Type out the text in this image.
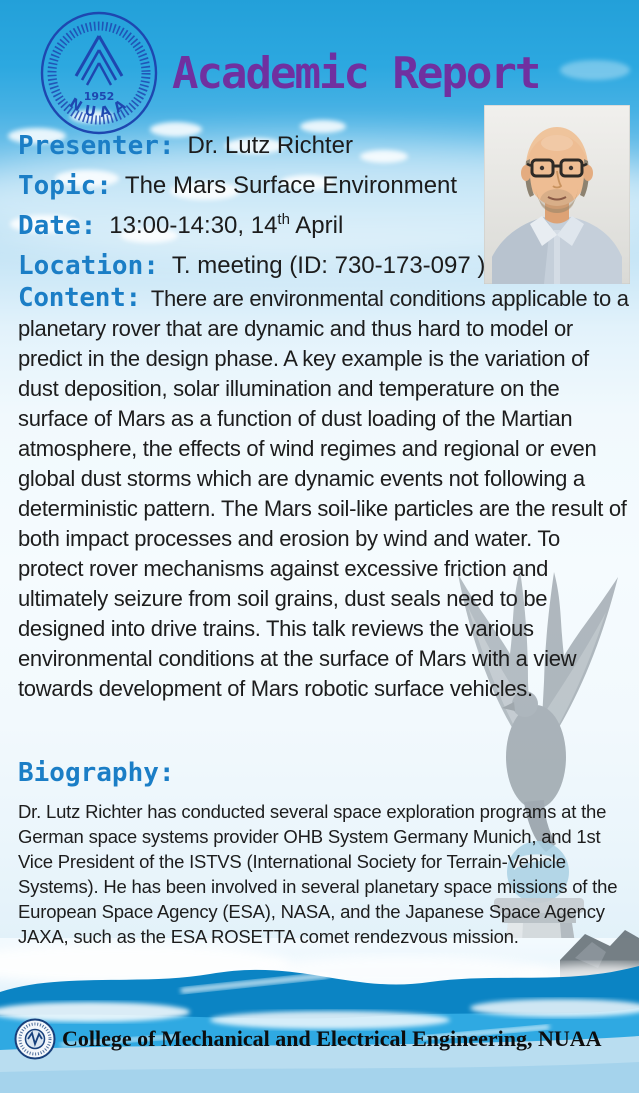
1952
NUAA
Academic Report
Presenter: Dr. Lutz Richter
Topic: The Mars Surface Environment
Date: 13:00-14:30, 14th April
Location: T. meeting (ID: 730-173-097 )

Content: There are environmental conditions applicable to a planetary rover that are dynamic and thus hard to model or predict in the design phase. A key example is the variation of dust deposition, solar illumination and temperature on the surface of Mars as a function of dust loading of the Martian atmosphere, the effects of wind regimes and regional or even global dust storms which are dynamic events not following a deterministic pattern. The Mars soil-like particles are the result of both impact processes and erosion by wind and water. To protect rover mechanisms against excessive friction and ultimately seizure from soil grains, dust seals need to be designed into drive trains. This talk reviews the various environmental conditions at the surface of Mars with a view towards development of Mars robotic surface vehicles.

Biography:

Dr. Lutz Richter has conducted several space exploration programs at the German space systems provider OHB System Germany Munich, and 1st Vice President of the ISTVS (International Society for Terrain-Vehicle Systems). He has been involved in several planetary space missions of the European Space Agency (ESA), NASA, and the Japanese Space Agency JAXA, such as the ESA ROSETTA comet rendezvous mission.

College of Mechanical and Electrical Engineering, NUAA
